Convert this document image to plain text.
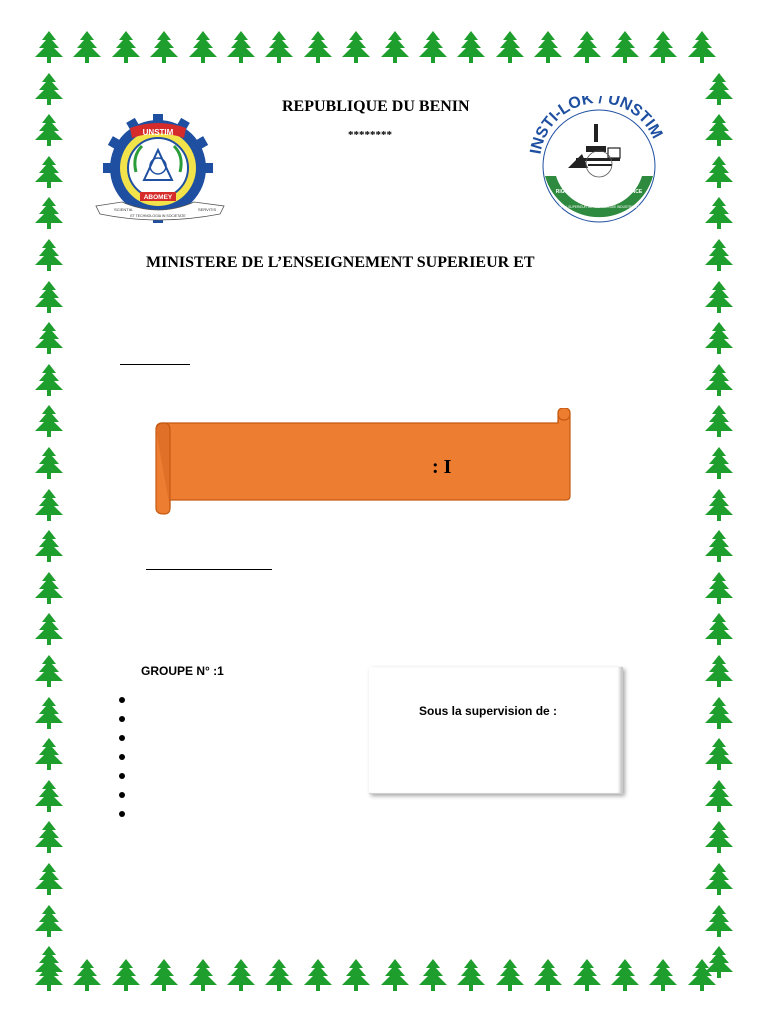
UNSTIM
ABOMEY
SCIENTIA	SERVITIS
ET TECHNOLOGIA IN SOCIETATE
REPUBLIQUE DU BENIN
********
INSTI-LOK / UNSTIM
RIGUEUR - TRAVAIL - EXCELLENCE
INSTITUT NATIONAL SUPERIEUR DE TECHNOLOGIE INDUSTRIELLE DE LOKOSSA
MINISTERE DE L’ENSEIGNEMENT SUPERIEUR ET
: I
GROUPE N° :1
Sous la supervision de :
